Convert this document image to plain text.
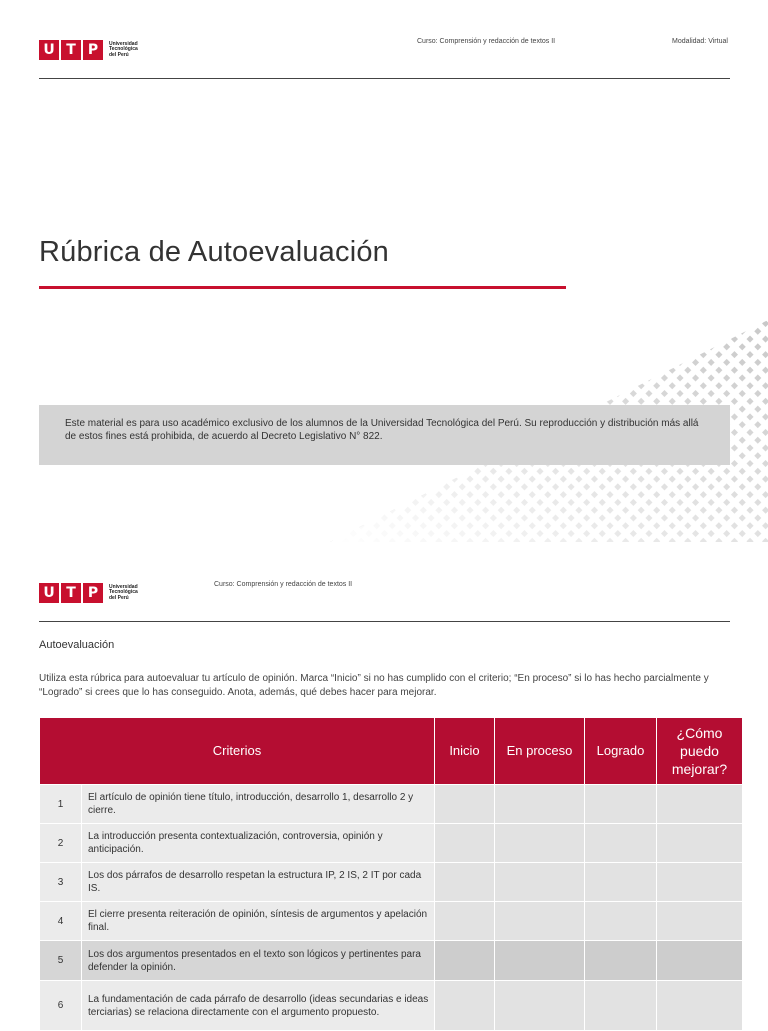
U T P	Universidad
Tecnológica
del Perú
Curso: Comprensión y redacción de textos II	Modalidad: Virtual
Rúbrica de Autoevaluación
Este material es para uso académico exclusivo de los alumnos de la Universidad Tecnológica del Perú. Su reproducción y distribución más allá de estos fines está prohibida, de acuerdo al Decreto Legislativo N° 822.
U T P	Universidad
Tecnológica
del Perú
Curso: Comprensión y redacción de textos II
Autoevaluación
Utiliza esta rúbrica para autoevaluar tu artículo de opinión. Marca “Inicio” si no has cumplido con el criterio; “En proceso” si lo has hecho parcialmente y “Logrado” si crees que lo has conseguido. Anota, además, qué debes hacer para mejorar.
Criterios		Inicio	En proceso	Logrado	¿Cómo puedo mejorar?
1	El artículo de opinión tiene título, introducción, desarrollo 1, desarrollo 2 y cierre.				
2	La introducción presenta contextualización, controversia, opinión y anticipación.				
3	Los dos párrafos de desarrollo respetan la estructura IP, 2 IS, 2 IT por cada IS.				
4	El cierre presenta reiteración de opinión, síntesis de argumentos y apelación final.				
5	Los dos argumentos presentados en el texto son lógicos y pertinentes para defender la opinión.				
6	La fundamentación de cada párrafo de desarrollo (ideas secundarias e ideas terciarias) se relaciona directamente con el argumento propuesto.				
